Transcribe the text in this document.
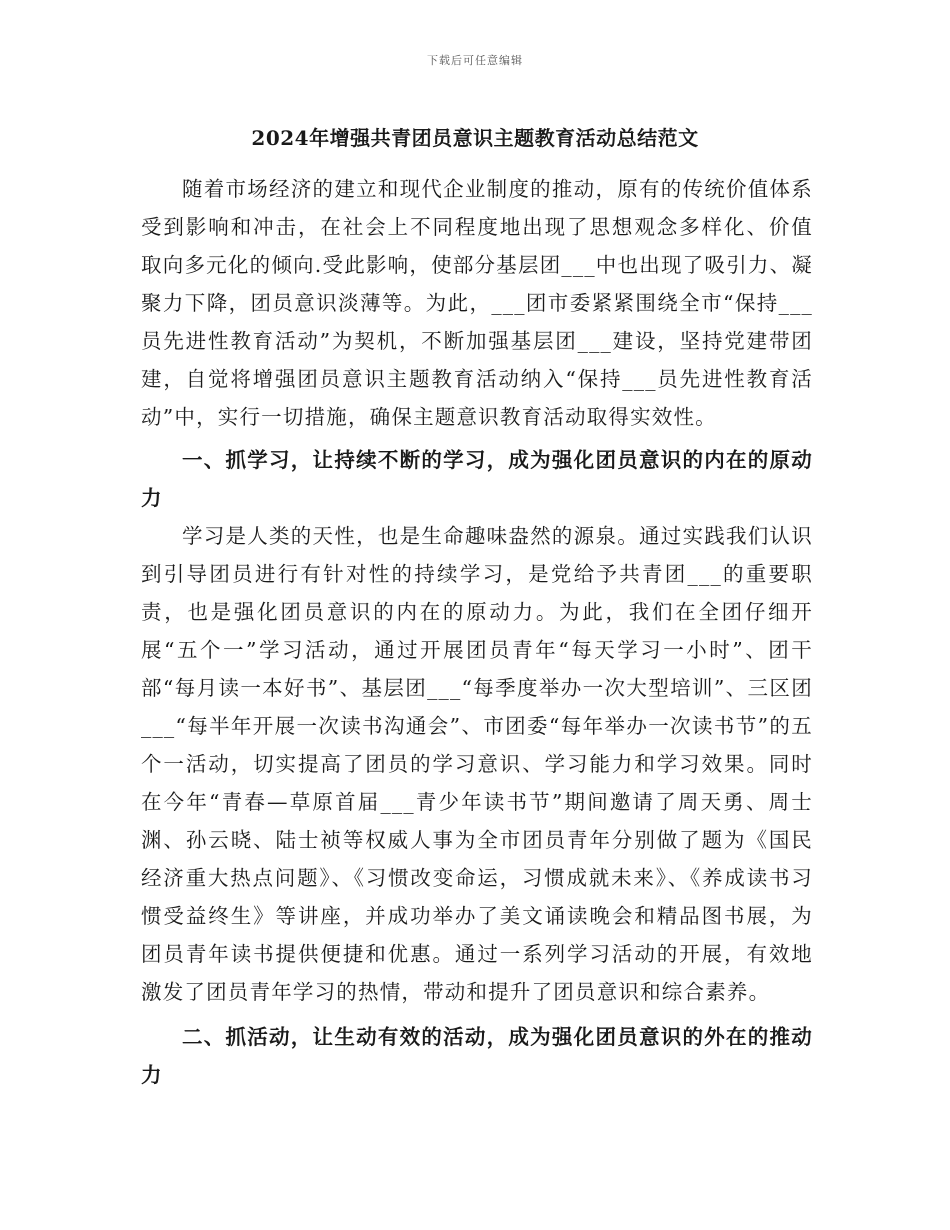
下载后可任意编辑
2024年增强共青团员意识主题教育活动总结范文

随着市场经济的建立和现代企业制度的推动，原有的传统价值体系受到影响和冲击，在社会上不同程度地出现了思想观念多样化、价值取向多元化的倾向.受此影响，使部分基层团___中也出现了吸引力、凝聚力下降，团员意识淡薄等。为此，___团市委紧紧围绕全市“保持___员先进性教育活动”为契机，不断加强基层团___建设，坚持党建带团建，自觉将增强团员意识主题教育活动纳入“保持___员先进性教育活动”中，实行一切措施，确保主题意识教育活动取得实效性。

一、抓学习，让持续不断的学习，成为强化团员意识的内在的原动力

学习是人类的天性，也是生命趣味盎然的源泉。通过实践我们认识到引导团员进行有针对性的持续学习，是党给予共青团___的重要职责，也是强化团员意识的内在的原动力。为此，我们在全团仔细开展“五个一”学习活动，通过开展团员青年“每天学习一小时”、团干部“每月读一本好书”、基层团___“每季度举办一次大型培训”、三区团___“每半年开展一次读书沟通会”、市团委“每年举办一次读书节”的五个一活动，切实提高了团员的学习意识、学习能力和学习效果。同时在今年“青春—草原首届___青少年读书节”期间邀请了周天勇、周士渊、孙云晓、陆士祯等权威人事为全市团员青年分别做了题为《国民经济重大热点问题》、《习惯改变命运，习惯成就未来》、《养成读书习惯受益终生》等讲座，并成功举办了美文诵读晚会和精品图书展，为团员青年读书提供便捷和优惠。通过一系列学习活动的开展，有效地激发了团员青年学习的热情，带动和提升了团员意识和综合素养。

二、抓活动，让生动有效的活动，成为强化团员意识的外在的推动力
